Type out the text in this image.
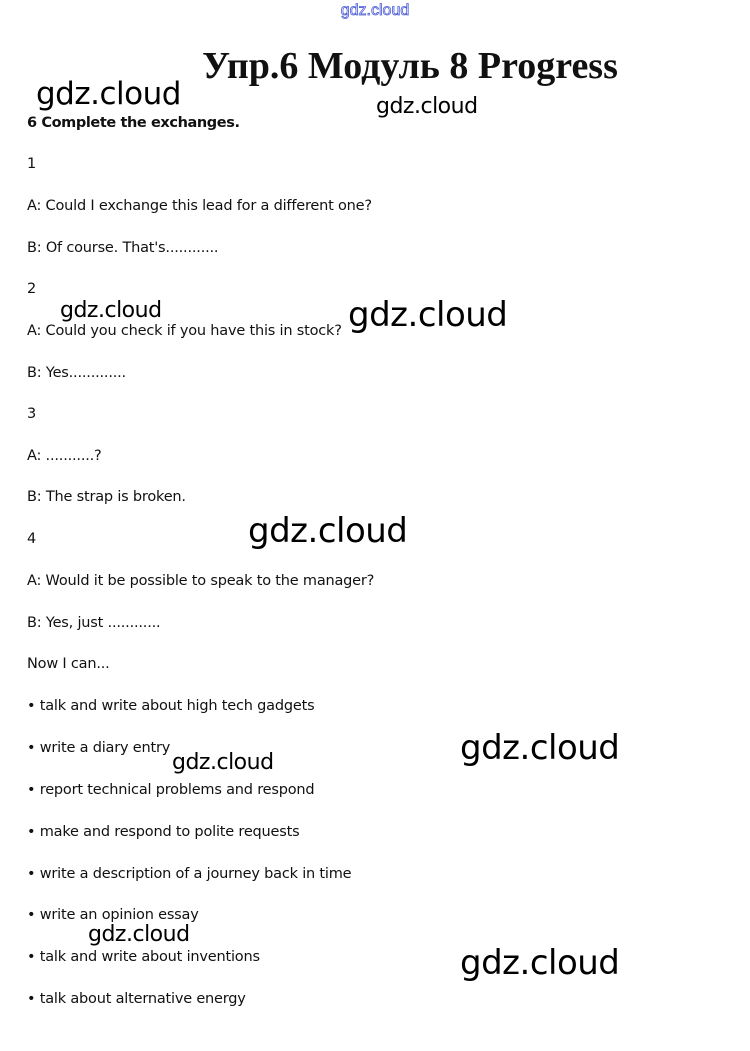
gdz.cloud
Упр.6 Модуль 8 Progress
6 Complete the exchanges.
1
A: Could I exchange this lead for a different one?
B: Of course. That's............
2
A: Could you check if you have this in stock?
B: Yes.............
3
A: ...........?
B: The strap is broken.
4
A: Would it be possible to speak to the manager?
B: Yes, just ............
Now I can...
• talk and write about high tech gadgets
• write a diary entry
• report technical problems and respond
• make and respond to polite requests
• write a description of a journey back in time
• write an opinion essay
• talk and write about inventions
• talk about alternative energy
gdz.cloud	gdz.cloud
gdz.cloud	gdz.cloud
gdz.cloud
gdz.cloud
gdz.cloud
gdz.cloud
gdz.cloud
